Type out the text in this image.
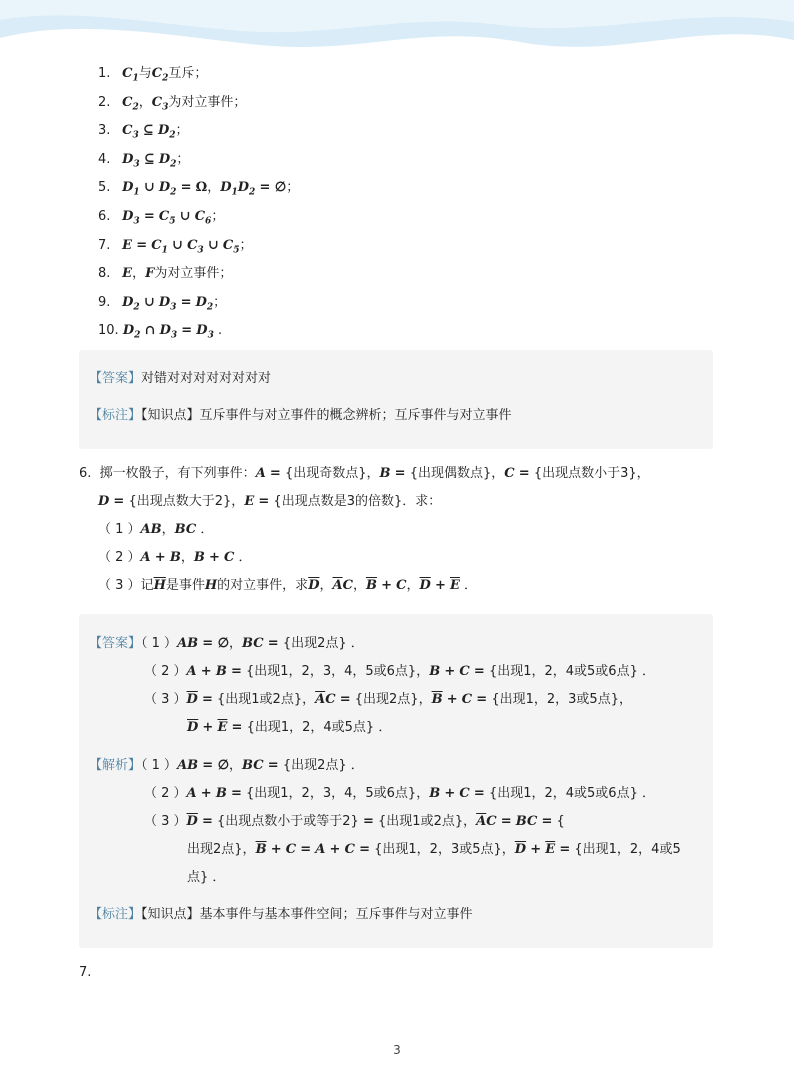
1. $C_1$与$C_2$互斥；
2. $C_2$，$C_3$为对立事件；
3. $C_3$ ⊆ $D_2$；
4. $D_3$ ⊆ $D_2$；
5. $D_1$ ∪ $D_2 = \Omega$，$D_1D_2$ = ∅；
6. $D_3 = C_5$ ∪ $C_6$；
7. $E = C_1$ ∪ $C_3$ ∪ $C_5$；
8. E，F为对立事件；
9. $D_2$ ∪ $D_3 = D_2$；
10. $D_2$ ∩ $D_3 = D_3$ .
【答案】对错对对对对对对对对
【标注】【知识点】互斥事件与对立事件的概念辨析；互斥事件与对立事件
6. 掷一枚骰子，有下列事件：A = {出现奇数点}，B = {出现偶数点}，C = {出现点数小于3}，
D = {出现点数大于2}，E = {出现点数是3的倍数}．求：
（ 1 ）AB，BC ．
（ 2 ）A + B，B + C ．
（ 3 ）记$\overline{H}$是事件H的对立事件，求$\overline{D}$，$\overline{A}C$，$\overline{B} + C$，$\overline{D} + \overline{E}$ ．
【答案】（ 1 ）AB = ∅，BC = {出现2点} ．
（ 2 ）A + B = {出现1，2，3，4，5或6点}，B + C = {出现1，2，4或5或6点} ．
（ 3 ）$\overline{D}$ = {出现1或2点}，$\overline{A}C$ = {出现2点}，$\overline{B} + C$ = {出现1，2，3或5点}，
$\overline{D} + \overline{E}$ = {出现1，2，4或5点} ．
【解析】（ 1 ）AB = ∅，BC = {出现2点} ．
（ 2 ）A + B = {出现1，2，3，4，5或6点}，B + C = {出现1，2，4或5或6点} ．
（ 3 ）$\overline{D}$ = {出现点数小于或等于2} = {出现1或2点}，$\overline{A}C$ = BC = {
出现2点}，$\overline{B} + C = A + C$ = {出现1，2，3或5点}，$\overline{D} + \overline{E}$ = {出现1，2，4或5
点} ．
【标注】【知识点】基本事件与基本事件空间；互斥事件与对立事件
7.
3
